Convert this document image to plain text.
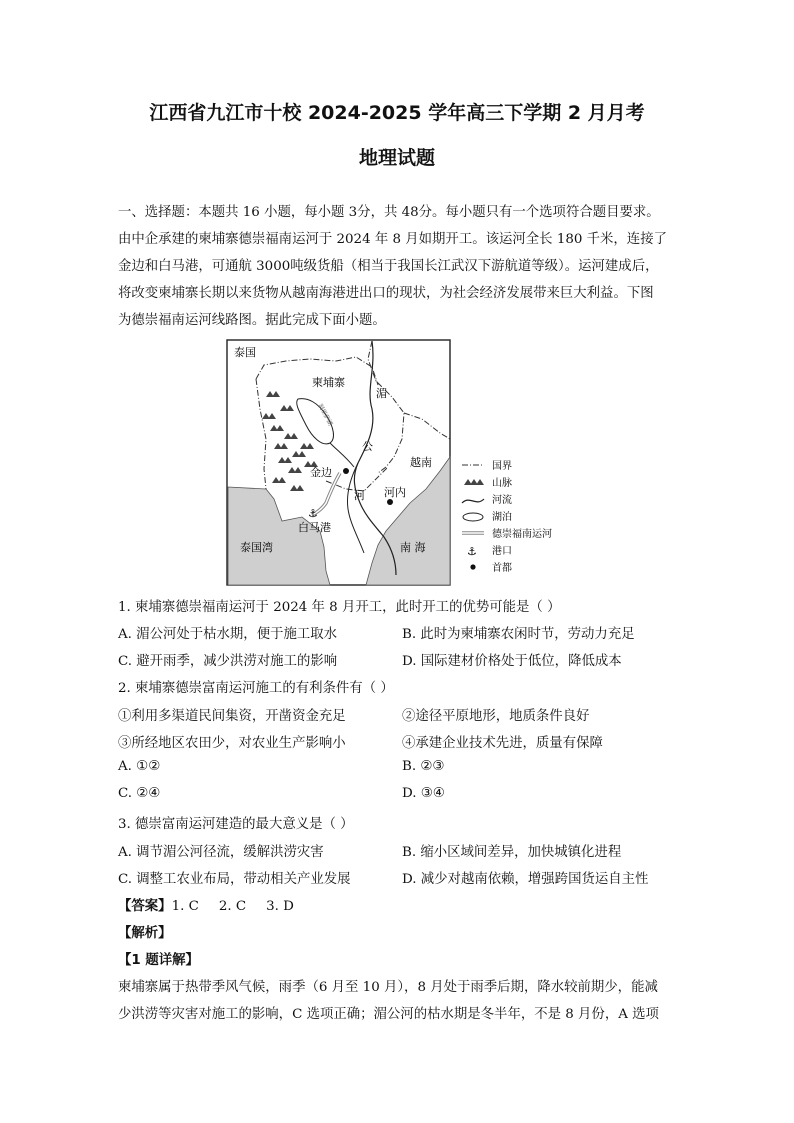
江西省九江市十校 2024-2025 学年高三下学期 2 月月考
地理试题

一、选择题：本题共 16 小题，每小题 3分，共 48分。每小题只有一个选项符合题目要求。

由中企承建的柬埔寨德崇福南运河于 2024 年 8 月如期开工。该运河全长 180 千米，连接了

金边和白马港，可通航 3000吨级货船（相当于我国长江武汉下游航道等级）。运河建成后，

将改变柬埔寨长期以来货物从越南海港进出口的现状，为社会经济发展带来巨大利益。下图

为德崇福南运河线路图。据此完成下面小题。

⚓
泰国
柬埔寨
湄
公
河
越南
金边
河内
白马港
泰国湾	南 海
洞里萨湖
国界
山脉
河流
湖泊
德崇福南运河
⚓ 港口
首都
1. 柬埔寨德崇福南运河于 2024 年 8 月开工，此时开工的优势可能是（ ）
A. 湄公河处于枯水期，便于施工取水	B. 此时为柬埔寨农闲时节，劳动力充足
C. 避开雨季，减少洪涝对施工的影响	D. 国际建材价格处于低位，降低成本
2. 柬埔寨德崇富南运河施工的有利条件有（ ）
①利用多渠道民间集资，开凿资金充足	②途径平原地形，地质条件良好
③所经地区农田少，对农业生产影响小	④承建企业技术先进，质量有保障
A. ①②	B. ②③
C. ②④	D. ③④
3. 德崇富南运河建造的最大意义是（ ）
A. 调节湄公河径流，缓解洪涝灾害	B. 缩小区域间差异，加快城镇化进程
C. 调整工农业布局，带动相关产业发展	D. 减少对越南依赖，增强跨国货运自主性
【答案】1. C 2. C 3. D
【解析】
【1 题详解】
柬埔寨属于热带季风气候，雨季（6 月至 10 月），8 月处于雨季后期，降水较前期少，能减
少洪涝等灾害对施工的影响，C 选项正确；湄公河的枯水期是冬半年，不是 8 月份，A 选项
